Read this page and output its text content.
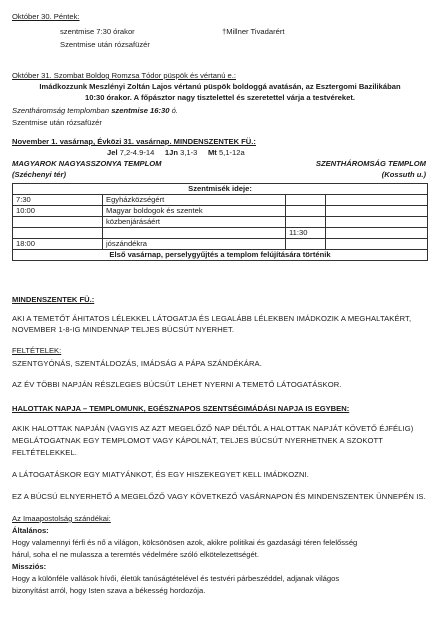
Október 30. Péntek:
szentmise 7:30 órakor	†Millner Tivadarért
Szentmise után rózsafüzér
Október 31. Szombat Boldog Romzsa Tódor püspök és vértanú e.:
Imádkozzunk Meszlényi Zoltán Lajos vértanú püspök boldoggá avatásán, az Esztergomi Bazilikában
10:30 órakor. A főpásztor nagy tisztelettel és szeretettel várja a testvéreket.
Szentháromság templomban szentmise 16:30 ó.
Szentmise után rózsafüzér
November 1. vasárnap, Évközi 31. vasárnap. MINDENSZENTEK FÜ.:
Jel 7,2-4.9-14 1Jn 3,1-3 Mt 5,1-12a
MAGYAROK NAGYASSZONYA TEMPLOM	SZENTHÁROMSÁG TEMPLOM
(Széchenyi tér)	(Kossuth u.)
Szentmisék ideje:			
7:30	Egyházközségért		
10:00	Magyar boldogok és szentek		
	közbenjárásáért		
		11:30	
18:00	jószándékra		
Első vasárnap, perselygyűjtés a templom felújítására történik			
MINDENSZENTEK FÜ.:
AKI A TEMETŐT ÁHITATOS LÉLEKKEL LÁTOGATJA ÉS LEGALÁBB LÉLEKBEN IMÁDKOZIK A MEGHALTAKÉRT,
NOVEMBER 1-8-IG MINDENNAP TELJES BÚCSÚT NYERHET.
FELTÉTELEK:
SZENTGYÓNÁS, SZENTÁLDOZÁS, IMÁDSÁG A PÁPA SZÁNDÉKÁRA.
AZ ÉV TÖBBI NAPJÁN RÉSZLEGES BÚCSÚT LEHET NYERNI A TEMETŐ LÁTOGATÁSKOR.
HALOTTAK NAPJA – TEMPLOMUNK, EGÉSZNAPOS SZENTSÉGIMÁDÁSI NAPJA IS EGYBEN:
AKIK HALOTTAK NAPJÁN (VAGYIS AZ AZT MEGELŐZŐ NAP DÉLTŐL A HALOTTAK NAPJÁT KÖVETŐ ÉJFÉLIG)
MEGLÁTOGATNAK EGY TEMPLOMOT VAGY KÁPOLNÁT, TELJES BÚCSÚT NYERHETNEK A SZOKOTT
FELTÉTELEKKEL.
A LÁTOGATÁSKOR EGY MIATYÁNKOT, ÉS EGY HISZEKEGYET KELL IMÁDKOZNI.
EZ A BÚCSÚ ELNYERHETŐ A MEGELŐZŐ VAGY KÖVETKEZŐ VASÁRNAPON ÉS MINDENSZENTEK ÜNNEPÉN IS.
Az Imaapostolság szándékai:
Általános:
Hogy valamennyi férfi és nő a világon, kölcsönösen azok, akikre politikai és gazdasági téren felelősség
hárul, soha el ne mulassza a teremtés védelmére szóló elkötelezettségét.
Missziós:
Hogy a különféle vallások hívői, életük tanúságtételével és testvéri párbeszéddel, adjanak világos
bizonyítást arról, hogy Isten szava a békesség hordozója.
